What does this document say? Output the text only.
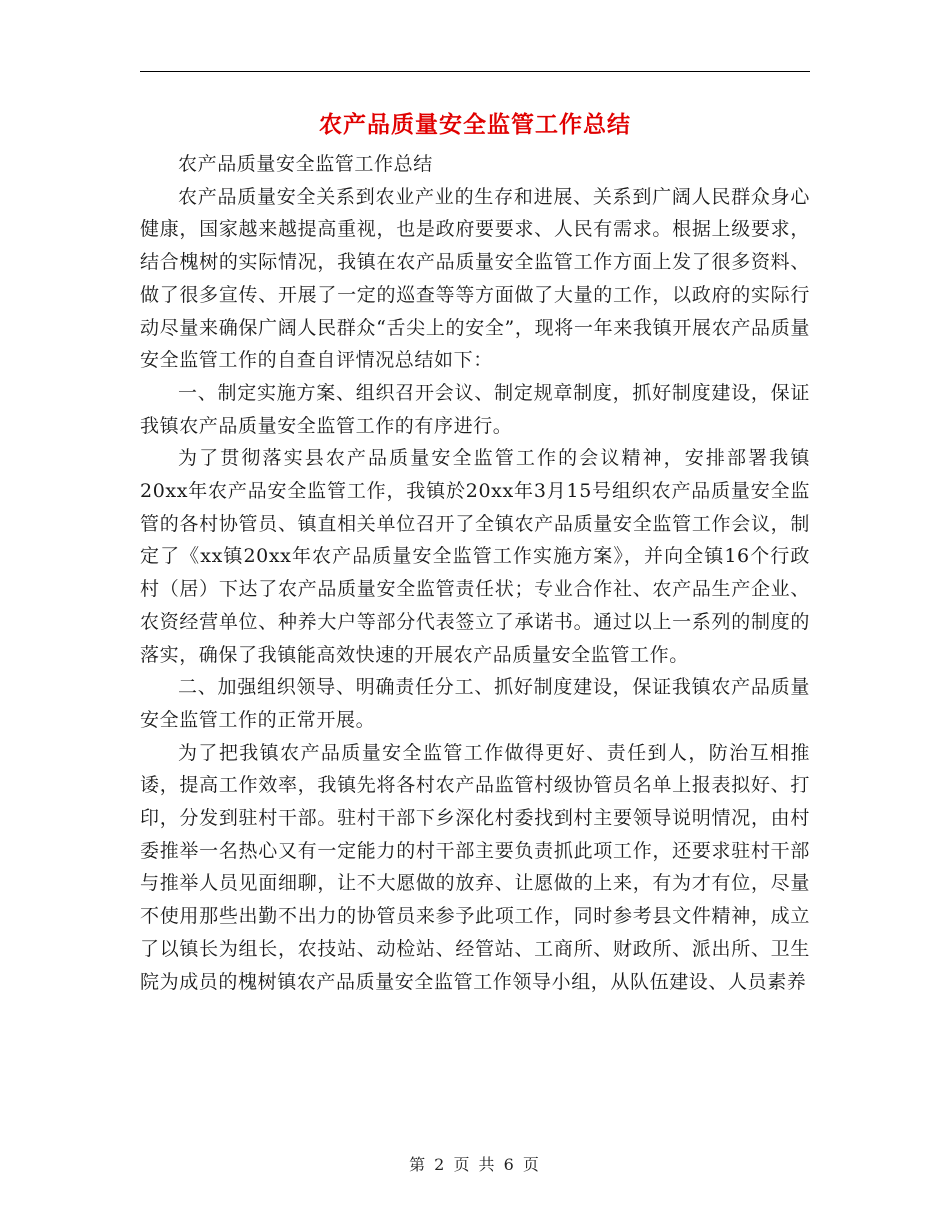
农产品质量安全监管工作总结

农产品质量安全监管工作总结

农产品质量安全关系到农业产业的生存和进展、关系到广阔人民群众身心健康，国家越来越提高重视，也是政府要要求、人民有需求。根据上级要求，结合槐树的实际情况，我镇在农产品质量安全监管工作方面上发了很多资料、做了很多宣传、开展了一定的巡查等等方面做了大量的工作，以政府的实际行动尽量来确保广阔人民群众“舌尖上的安全”，现将一年来我镇开展农产品质量安全监管工作的自查自评情况总结如下：

一、制定实施方案、组织召开会议、制定规章制度，抓好制度建设，保证我镇农产品质量安全监管工作的有序进行。

为了贯彻落实县农产品质量安全监管工作的会议精神，安排部署我镇20xx年农产品安全监管工作，我镇於20xx年3月15号组织农产品质量安全监管的各村协管员、镇直相关单位召开了全镇农产品质量安全监管工作会议，制定了《xx镇20xx年农产品质量安全监管工作实施方案》，并向全镇16个行政村（居）下达了农产品质量安全监管责任状；专业合作社、农产品生产企业、农资经营单位、种养大户等部分代表签立了承诺书。通过以上一系列的制度的落实，确保了我镇能高效快速的开展农产品质量安全监管工作。

二、加强组织领导、明确责任分工、抓好制度建设，保证我镇农产品质量安全监管工作的正常开展。

为了把我镇农产品质量安全监管工作做得更好、责任到人，防治互相推诿，提高工作效率，我镇先将各村农产品监管村级协管员名单上报表拟好、打印，分发到驻村干部。驻村干部下乡深化村委找到村主要领导说明情况，由村委推举一名热心又有一定能力的村干部主要负责抓此项工作，还要求驻村干部与推举人员见面细聊，让不大愿做的放弃、让愿做的上来，有为才有位，尽量不使用那些出勤不出力的协管员来参予此项工作，同时参考县文件精神，成立了以镇长为组长，农技站、动检站、经管站、工商所、财政所、派出所、卫生院为成员的槐树镇农产品质量安全监管工作领导小组，从队伍建设、人员素养

第 2 页 共 6 页
